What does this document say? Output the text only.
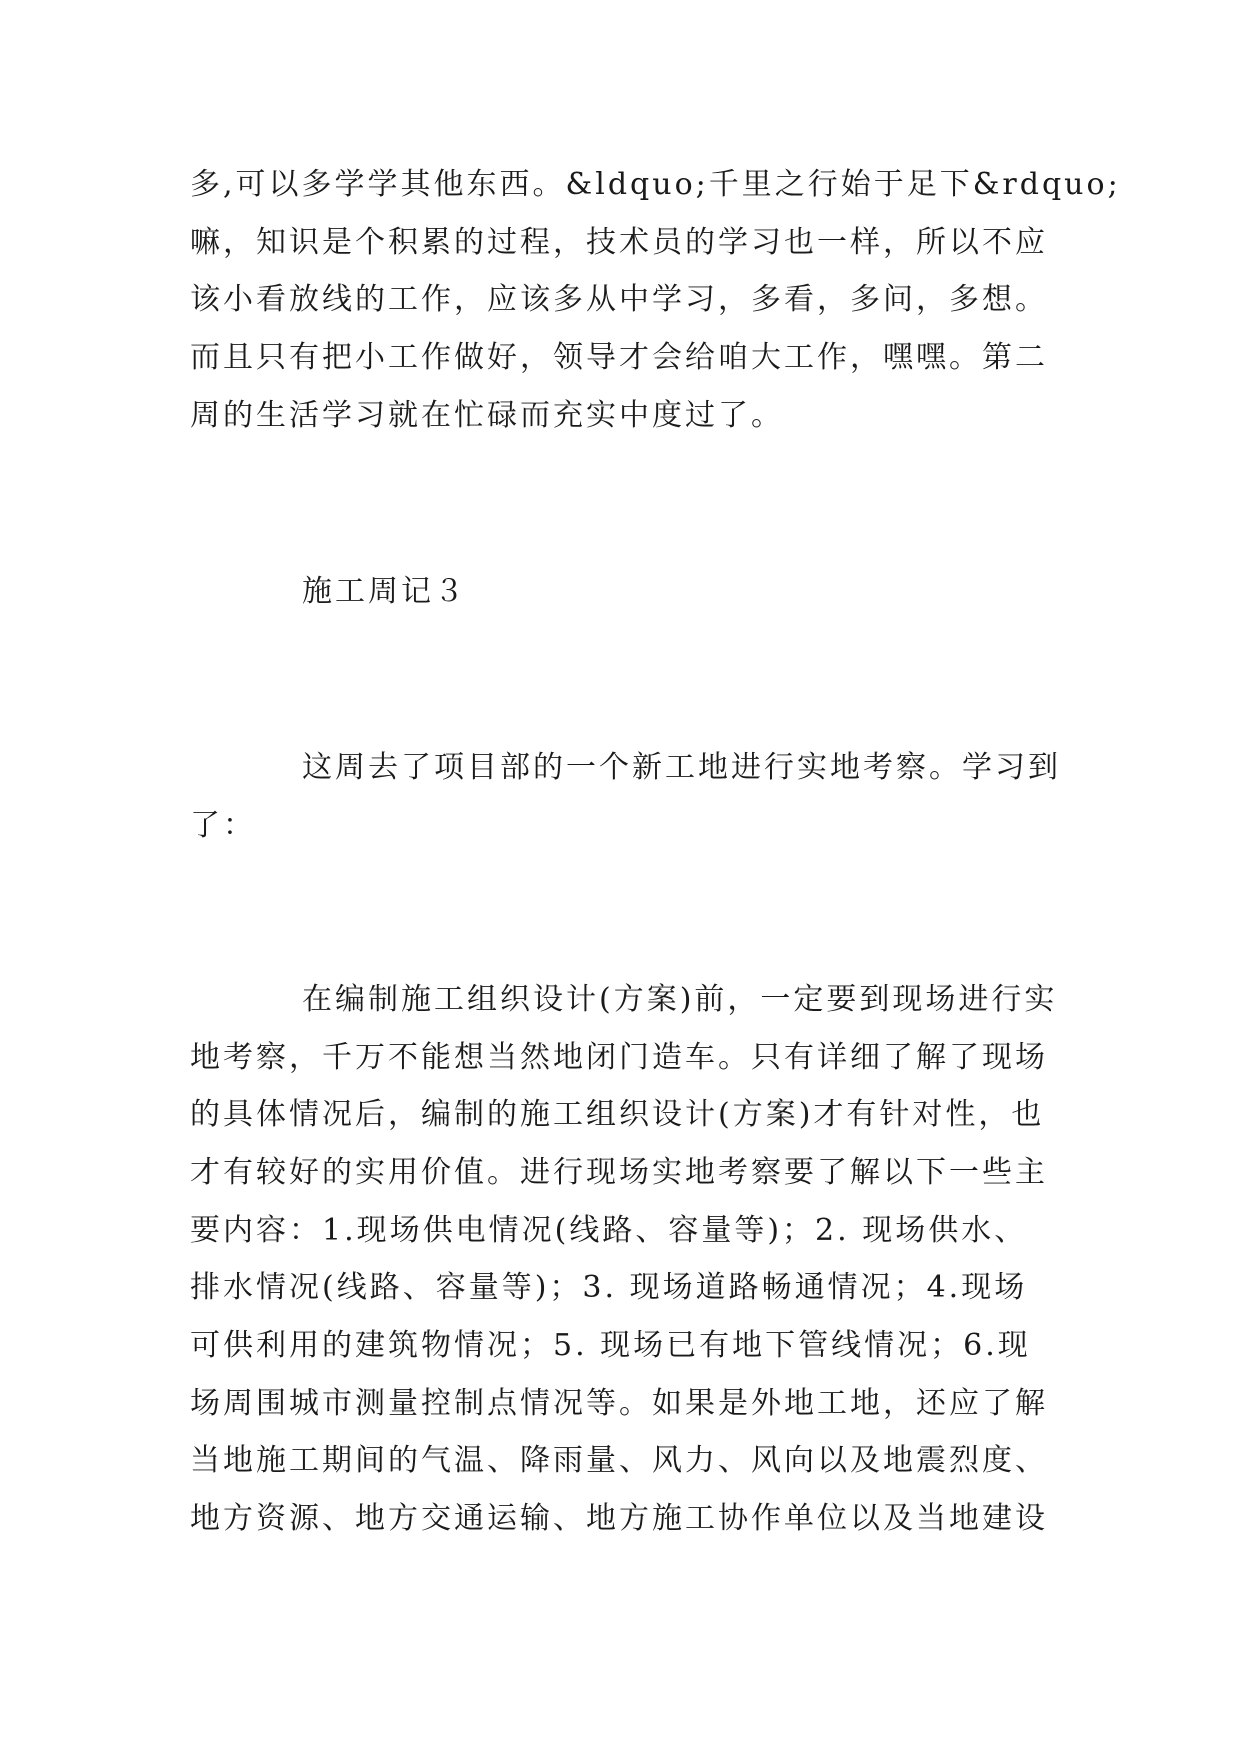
多,可以多学学其他东西。&ldquo;千里之行始于足下&rdquo;
嘛，知识是个积累的过程，技术员的学习也一样，所以不应
该小看放线的工作，应该多从中学习，多看，多问，多想。
而且只有把小工作做好，领导才会给咱大工作，嘿嘿。第二
周的生活学习就在忙碌而充实中度过了。
施工周记３
这周去了项目部的一个新工地进行实地考察。学习到
了：
在编制施工组织设计(方案)前，一定要到现场进行实
地考察，千万不能想当然地闭门造车。只有详细了解了现场
的具体情况后，编制的施工组织设计(方案)才有针对性，也
才有较好的实用价值。进行现场实地考察要了解以下一些主
要内容：1.现场供电情况(线路、容量等)；2. 现场供水、
排水情况(线路、容量等)；3. 现场道路畅通情况；4.现场
可供利用的建筑物情况；5. 现场已有地下管线情况；6.现
场周围城市测量控制点情况等。如果是外地工地，还应了解
当地施工期间的气温、降雨量、风力、风向以及地震烈度、
地方资源、地方交通运输、地方施工协作单位以及当地建设
